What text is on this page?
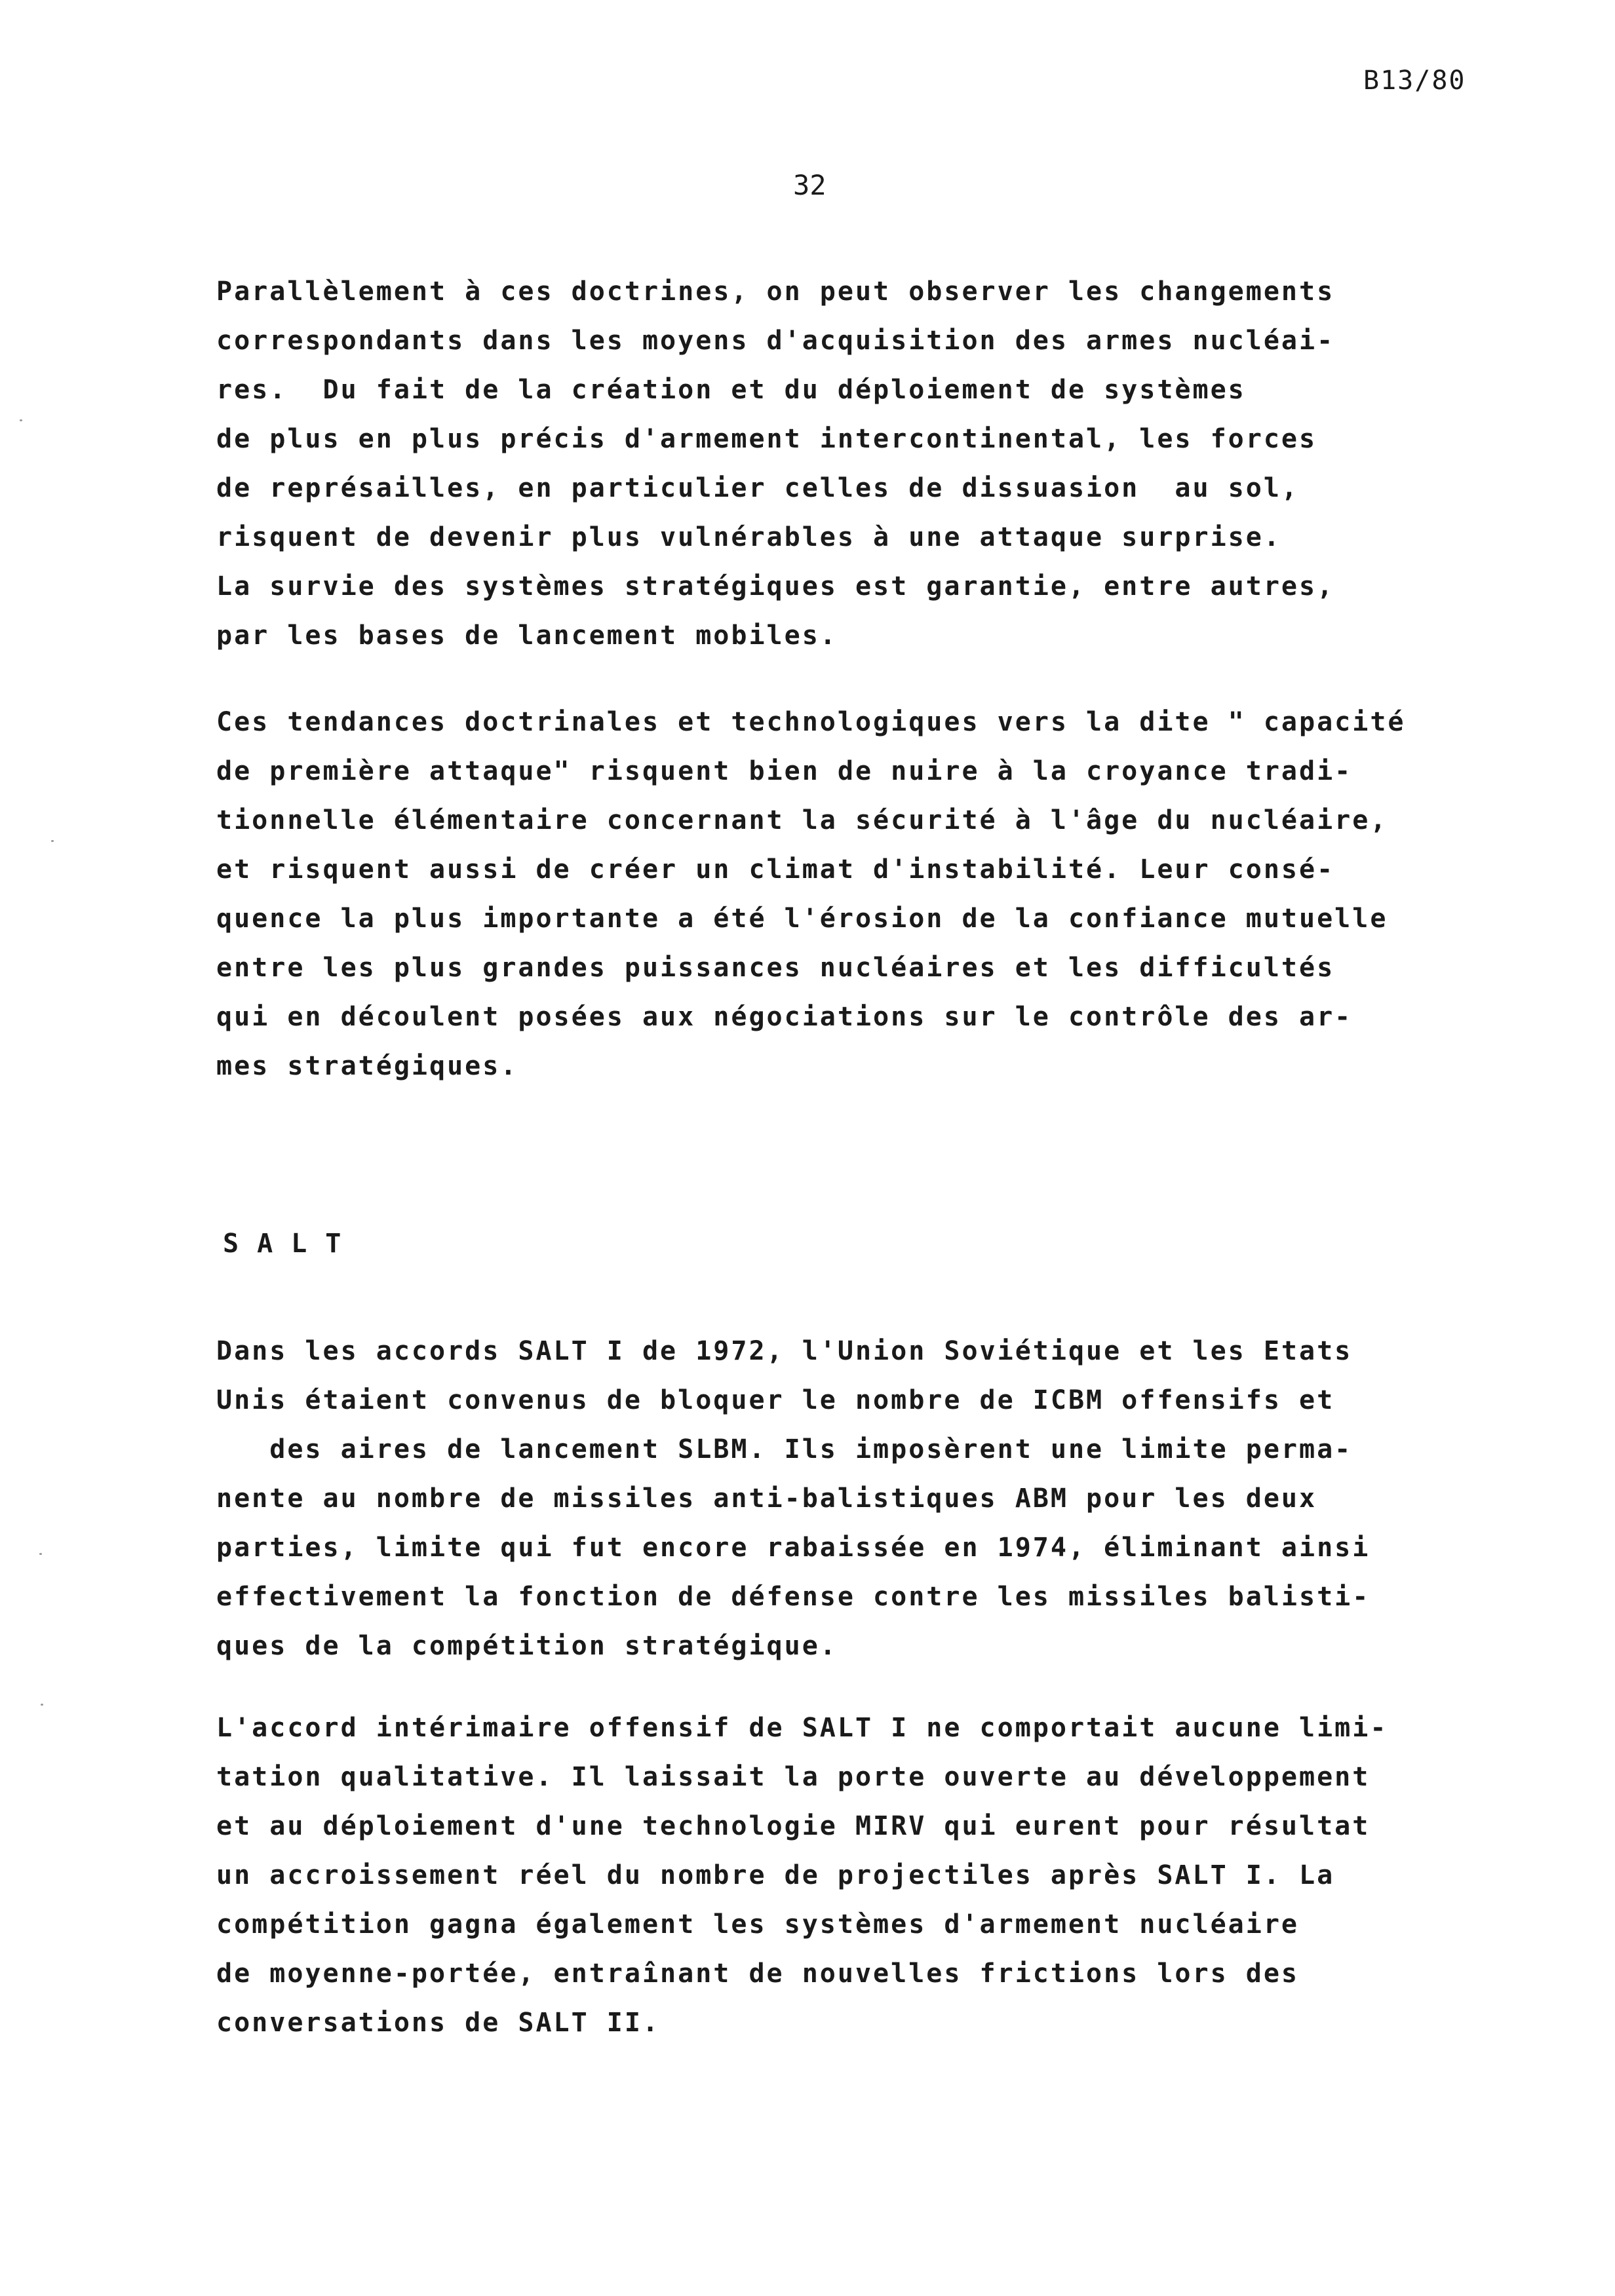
B13/80
32
Parallèlement à ces doctrines, on peut observer les changements
correspondants dans les moyens d'acquisition des armes nucléai-
res.  Du fait de la création et du déploiement de systèmes
de plus en plus précis d'armement intercontinental, les forces
de représailles, en particulier celles de dissuasion  au sol,
risquent de devenir plus vulnérables à une attaque surprise.
La survie des systèmes stratégiques est garantie, entre autres,
par les bases de lancement mobiles.
Ces tendances doctrinales et technologiques vers la dite " capacité
de première attaque" risquent bien de nuire à la croyance tradi-
tionnelle élémentaire concernant la sécurité à l'âge du nucléaire,
et risquent aussi de créer un climat d'instabilité. Leur consé-
quence la plus importante a été l'érosion de la confiance mutuelle
entre les plus grandes puissances nucléaires et les difficultés
qui en découlent posées aux négociations sur le contrôle des ar-
mes stratégiques.
SALT
Dans les accords SALT I de 1972, l'Union Soviétique et les Etats
Unis étaient convenus de bloquer le nombre de ICBM offensifs et
des aires de lancement SLBM. Ils imposèrent une limite perma-
nente au nombre de missiles anti-balistiques ABM pour les deux
parties, limite qui fut encore rabaissée en 1974, éliminant ainsi
effectivement la fonction de défense contre les missiles balisti-
ques de la compétition stratégique.
L'accord intérimaire offensif de SALT I ne comportait aucune limi-
tation qualitative. Il laissait la porte ouverte au développement
et au déploiement d'une technologie MIRV qui eurent pour résultat
un accroissement réel du nombre de projectiles après SALT I. La
compétition gagna également les systèmes d'armement nucléaire
de moyenne-portée, entraînant de nouvelles frictions lors des
conversations de SALT II.
